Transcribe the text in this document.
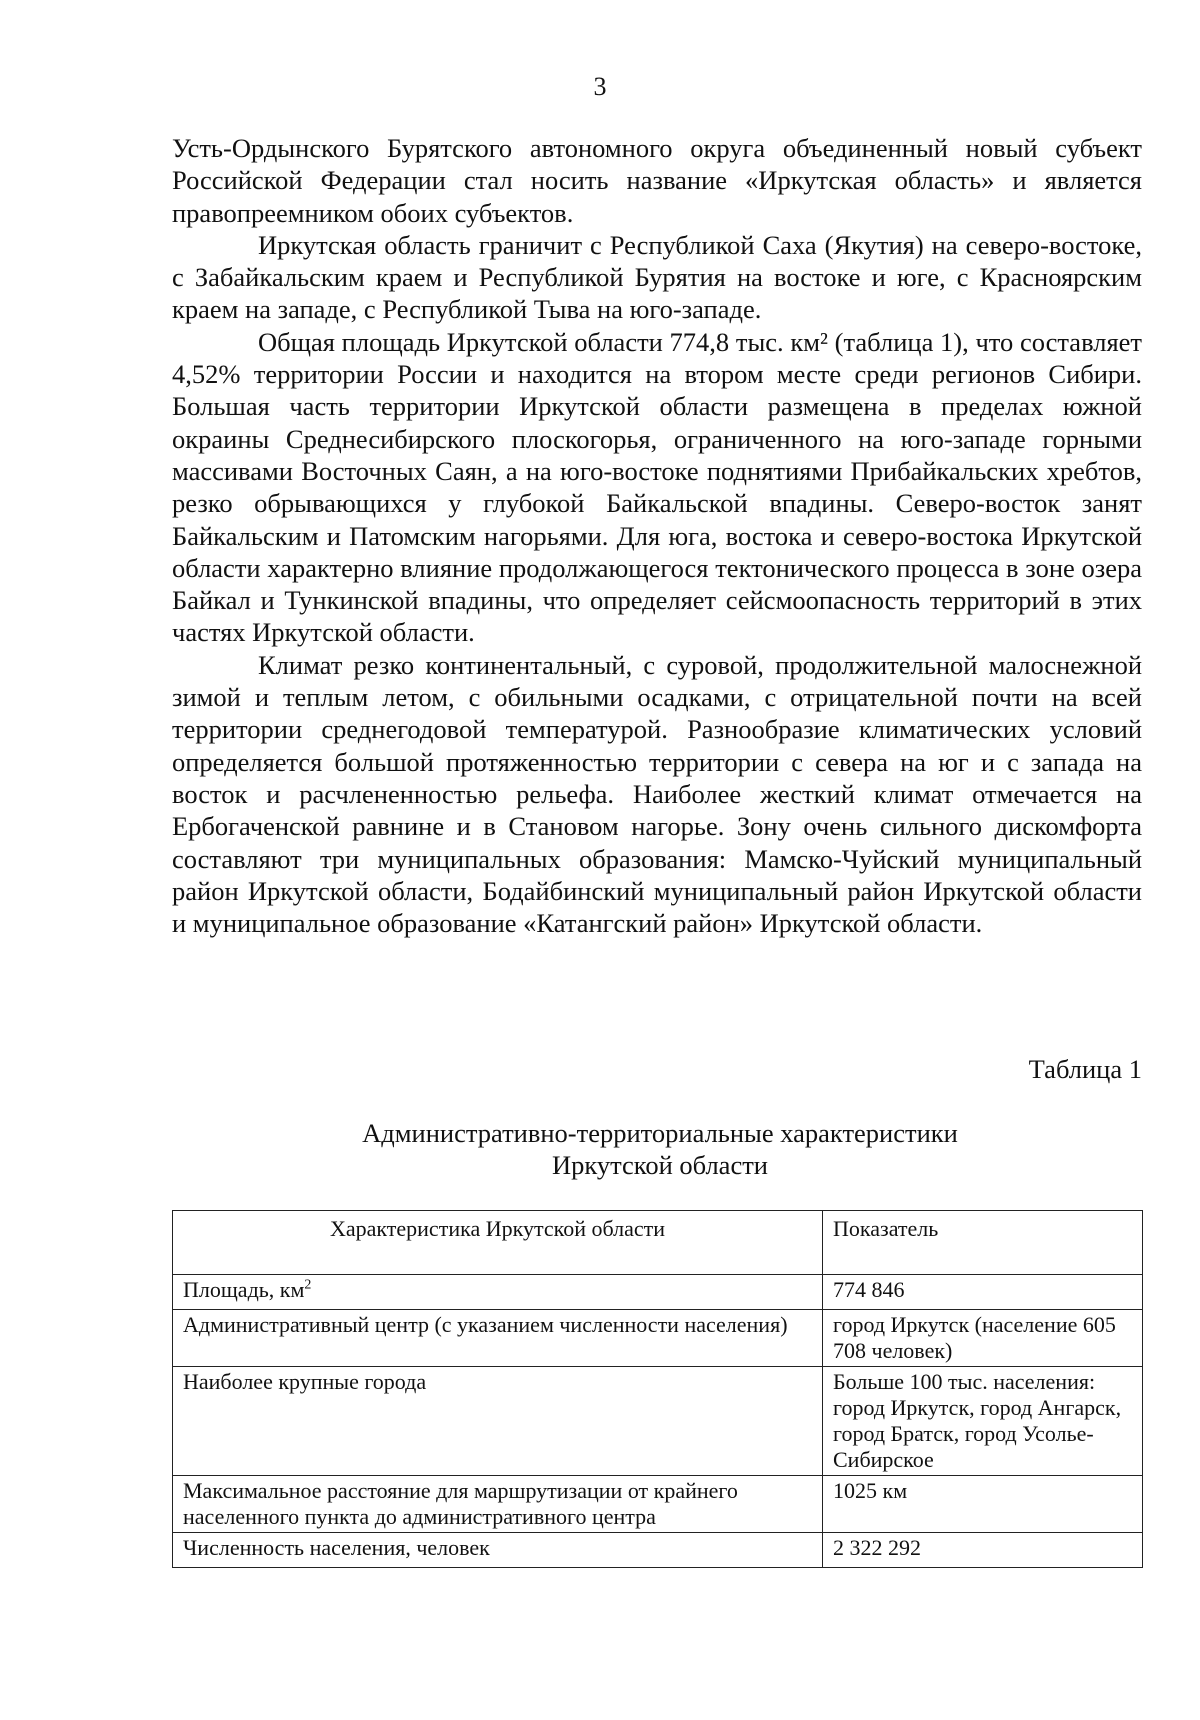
3

Усть-Ордынского Бурятского автономного округа объединенный новый субъект Российской Федерации стал носить название «Иркутская область» и является правопреемником обоих субъектов.

Иркутская область граничит с Республикой Саха (Якутия) на северо-востоке, с Забайкальским краем и Республикой Бурятия на востоке и юге, с Красноярским краем на западе, с Республикой Тыва на юго-западе.

Общая площадь Иркутской области 774,8 тыс. км² (таблица 1), что составляет 4,52% территории России и находится на втором месте среди регионов Сибири. Большая часть территории Иркутской области размещена в пределах южной окраины Среднесибирского плоскогорья, ограниченного на юго-западе горными массивами Восточных Саян, а на юго-востоке поднятиями Прибайкальских хребтов, резко обрывающихся у глубокой Байкальской впадины. Северо-восток занят Байкальским и Патомским нагорьями. Для юга, востока и северо-востока Иркутской области характерно влияние продолжающегося тектонического процесса в зоне озера Байкал и Тункинской впадины, что определяет сейсмоопасность территорий в этих частях Иркутской области.

Климат резко континентальный, с суровой, продолжительной малоснежной зимой и теплым летом, с обильными осадками, с отрицательной почти на всей территории среднегодовой температурой. Разнообразие климатических условий определяется большой протяженностью территории с севера на юг и с запада на восток и расчлененностью рельефа. Наиболее жесткий климат отмечается на Ербогаченской равнине и в Становом нагорье. Зону очень сильного дискомфорта составляют три муниципальных образования: Мамско-Чуйский муниципальный район Иркутской области, Бодайбинский муниципальный район Иркутской области и муниципальное образование «Катангский район» Иркутской области.

Таблица 1
Административно-территориальные характеристики
Иркутской области
Характеристика Иркутской области	Показатель
Площадь, $км^2$	774 846
Административный центр (с указанием численности населения)	город Иркутск (население 605 708 человек)
Наиболее крупные города	Больше 100 тыс. населения: город Иркутск, город Ангарск, город Братск, город Усолье-Сибирское
Максимальное расстояние для маршрутизации от крайнего населенного пункта до административного центра	1025 км
Численность населения, человек	2 322 292
